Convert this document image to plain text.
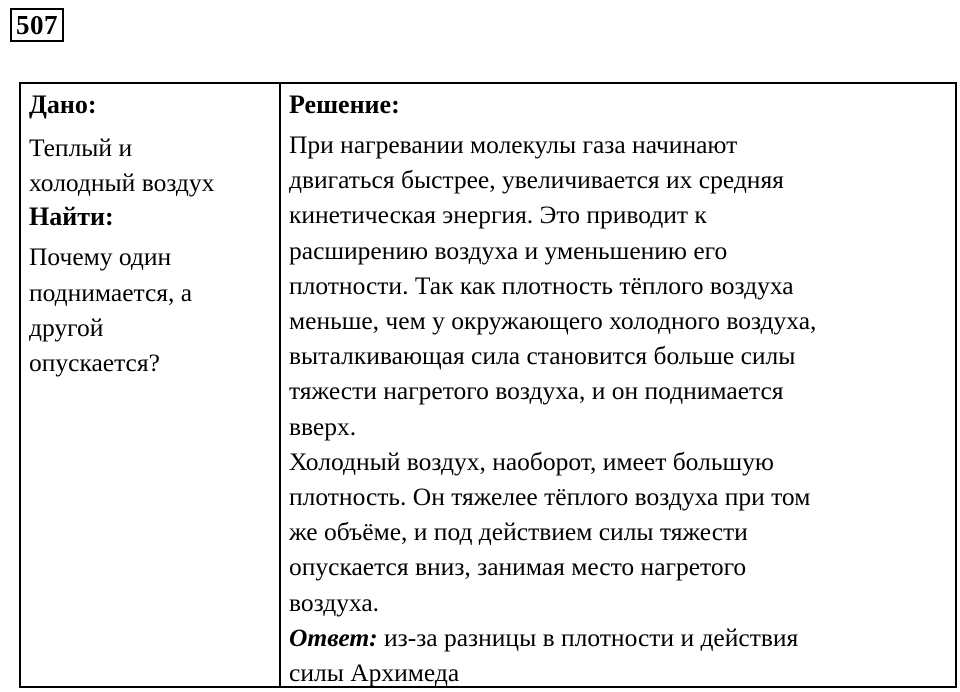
507

Дано:

Теплый и
холодный воздух

Найти:

Почему один
поднимается, а
другой
опускается?

Решение:

При нагревании молекулы газа начинают
двигаться быстрее, увеличивается их средняя
кинетическая энергия. Это приводит к
расширению воздуха и уменьшению его
плотности. Так как плотность тёплого воздуха
меньше, чем у окружающего холодного воздуха,
выталкивающая сила становится больше силы
тяжести нагретого воздуха, и он поднимается
вверх.
Холодный воздух, наоборот, имеет большую
плотность. Он тяжелее тёплого воздуха при том
же объёме, и под действием силы тяжести
опускается вниз, занимая место нагретого
воздуха.
Ответ: из-за разницы в плотности и действия
силы Архимеда
